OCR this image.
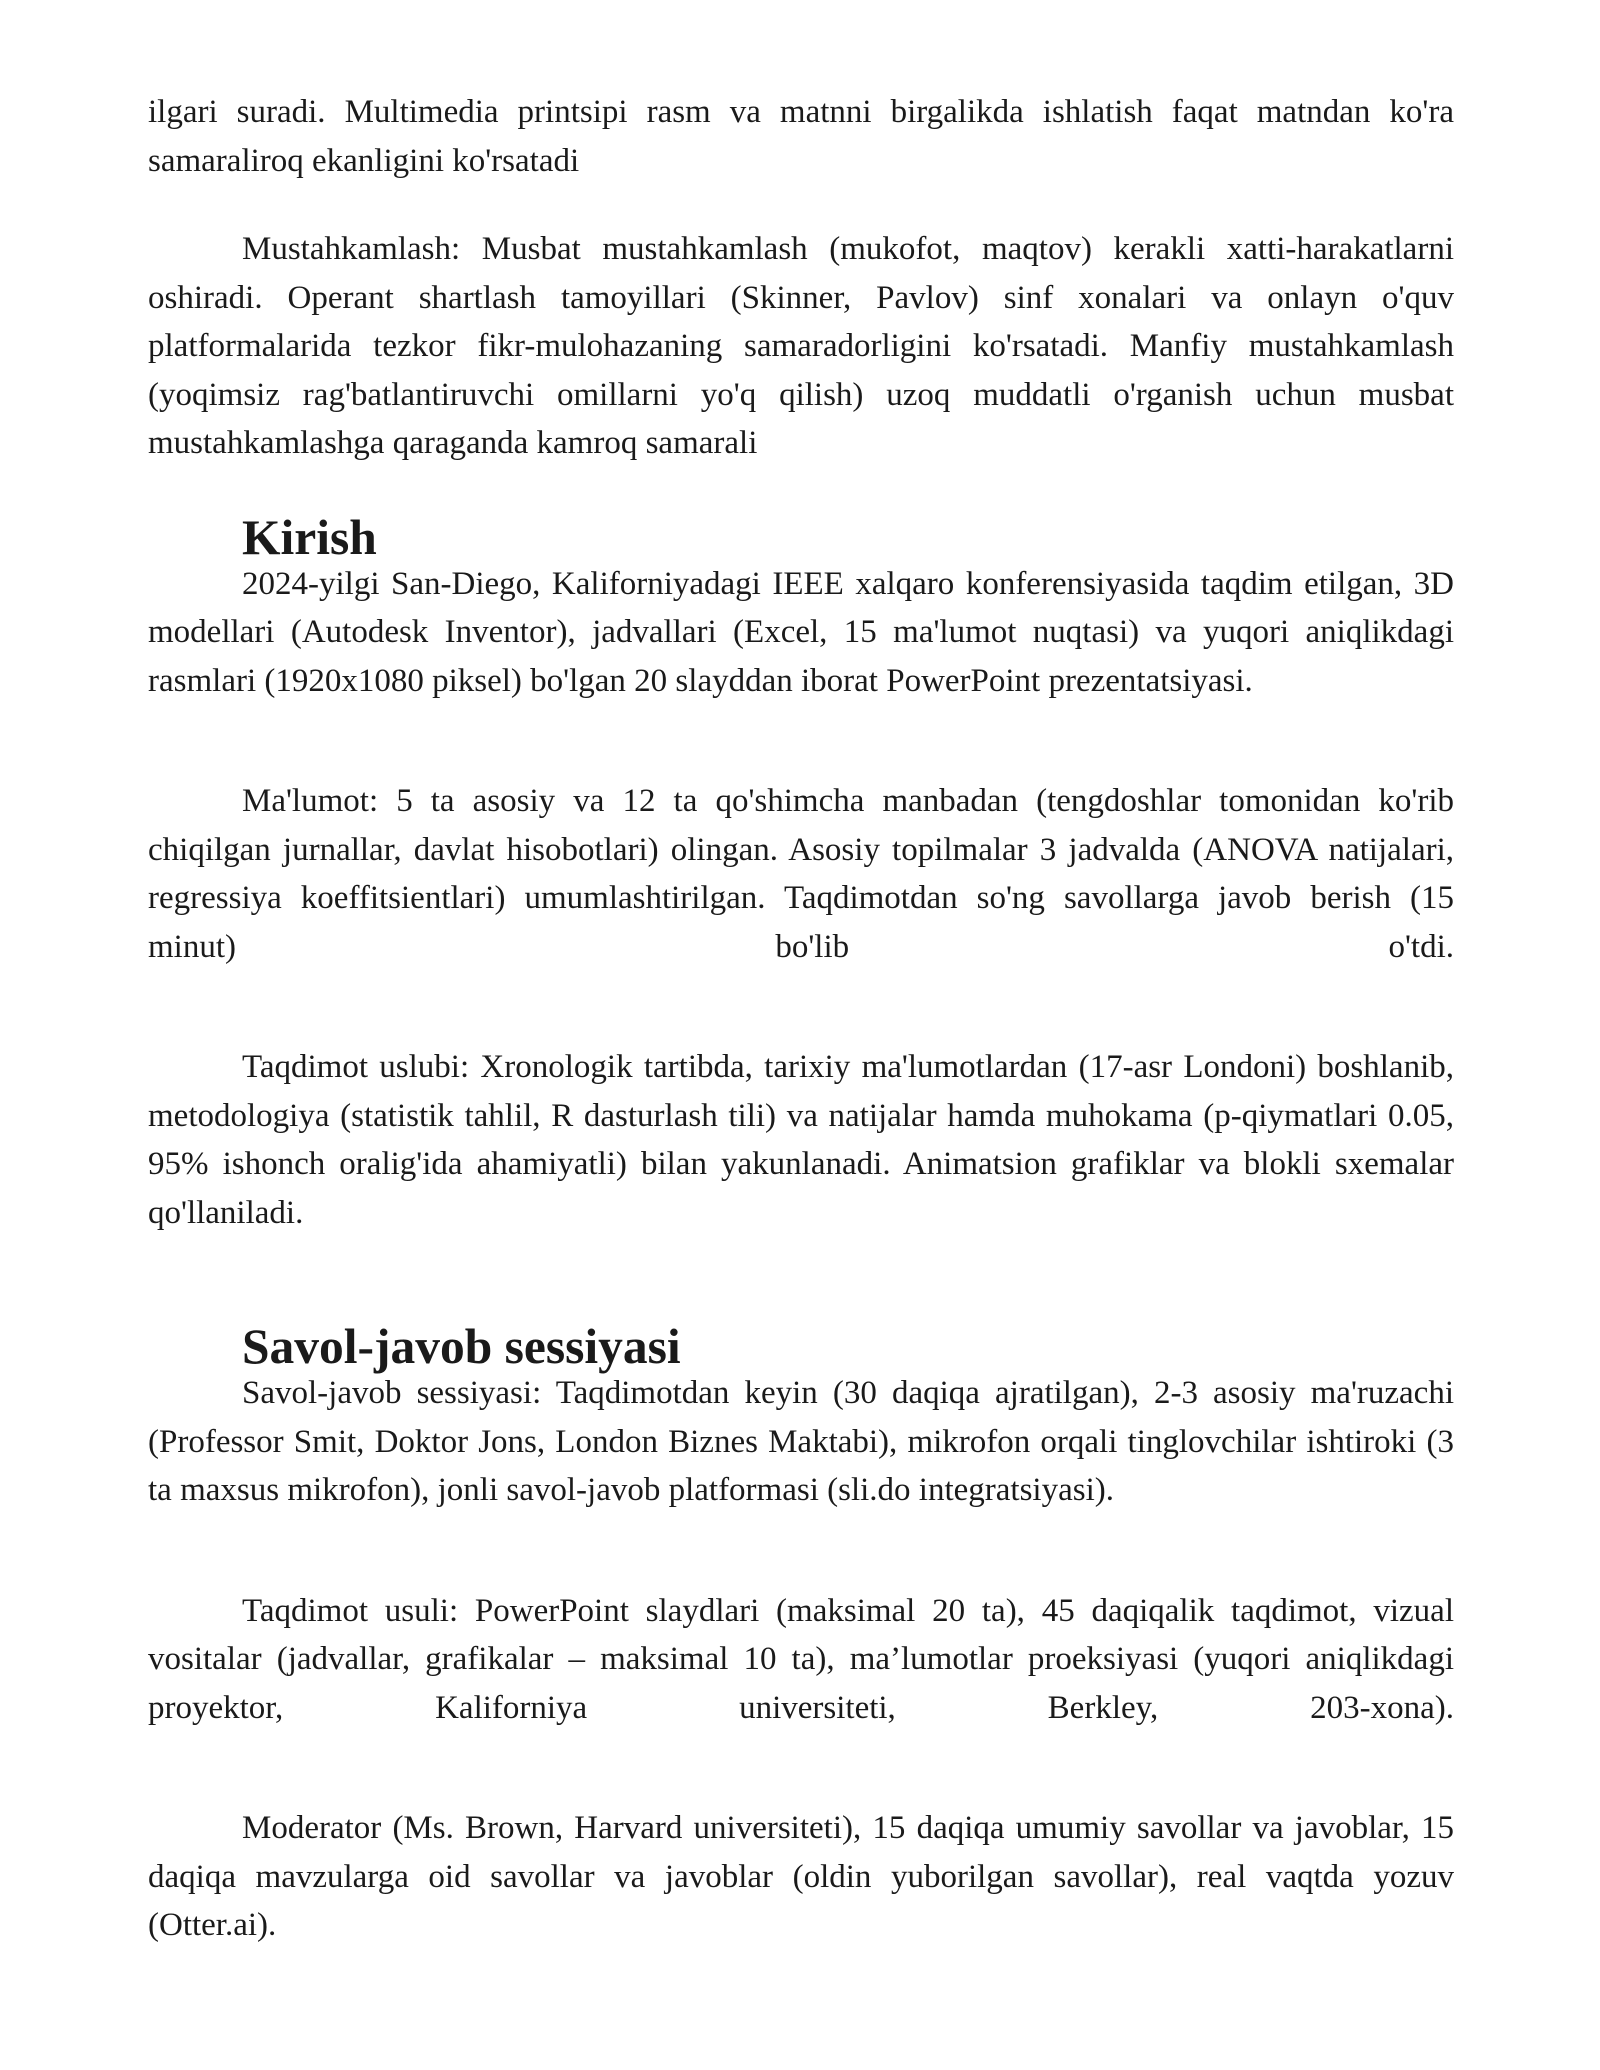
ilgari suradi. Multimedia printsipi rasm va matnni birgalikda ishlatish faqat matndan ko'ra samaraliroq ekanligini ko'rsatadi

Mustahkamlash: Musbat mustahkamlash (mukofot, maqtov) kerakli xatti-harakatlarni oshiradi. Operant shartlash tamoyillari (Skinner, Pavlov) sinf xonalari va onlayn o'quv platformalarida tezkor fikr-mulohazaning samaradorligini ko'rsatadi. Manfiy mustahkamlash (yoqimsiz rag'batlantiruvchi omillarni yo'q qilish) uzoq muddatli o'rganish uchun musbat mustahkamlashga qaraganda kamroq samarali

Kirish

2024-yilgi San-Diego, Kaliforniyadagi IEEE xalqaro konferensiyasida taqdim etilgan, 3D modellari (Autodesk Inventor), jadvallari (Excel, 15 ma'lumot nuqtasi) va yuqori aniqlikdagi rasmlari (1920x1080 piksel) bo'lgan 20 slayddan iborat PowerPoint prezentatsiyasi.

Ma'lumot: 5 ta asosiy va 12 ta qo'shimcha manbadan (tengdoshlar tomonidan ko'rib chiqilgan jurnallar, davlat hisobotlari) olingan. Asosiy topilmalar 3 jadvalda (ANOVA natijalari, regressiya koeffitsientlari) umumlashtirilgan. Taqdimotdan so'ng savollarga javob berish (15 minut) bo'lib o'tdi.

Taqdimot uslubi: Xronologik tartibda, tarixiy ma'lumotlardan (17-asr Londoni) boshlanib, metodologiya (statistik tahlil, R dasturlash tili) va natijalar hamda muhokama (p-qiymatlari 0.05, 95% ishonch oralig'ida ahamiyatli) bilan yakunlanadi. Animatsion grafiklar va blokli sxemalar qo'llaniladi.

Savol-javob sessiyasi

Savol-javob sessiyasi: Taqdimotdan keyin (30 daqiqa ajratilgan), 2-3 asosiy ma'ruzachi (Professor Smit, Doktor Jons, London Biznes Maktabi), mikrofon orqali tinglovchilar ishtiroki (3 ta maxsus mikrofon), jonli savol-javob platformasi (sli.do integratsiyasi).

Taqdimot usuli: PowerPoint slaydlari (maksimal 20 ta), 45 daqiqalik taqdimot, vizual vositalar (jadvallar, grafikalar – maksimal 10 ta), ma’lumotlar proeksiyasi (yuqori aniqlikdagi proyektor, Kaliforniya universiteti, Berkley, 203-xona).

Moderator (Ms. Brown, Harvard universiteti), 15 daqiqa umumiy savollar va javoblar, 15 daqiqa mavzularga oid savollar va javoblar (oldin yuborilgan savollar), real vaqtda yozuv (Otter.ai).
